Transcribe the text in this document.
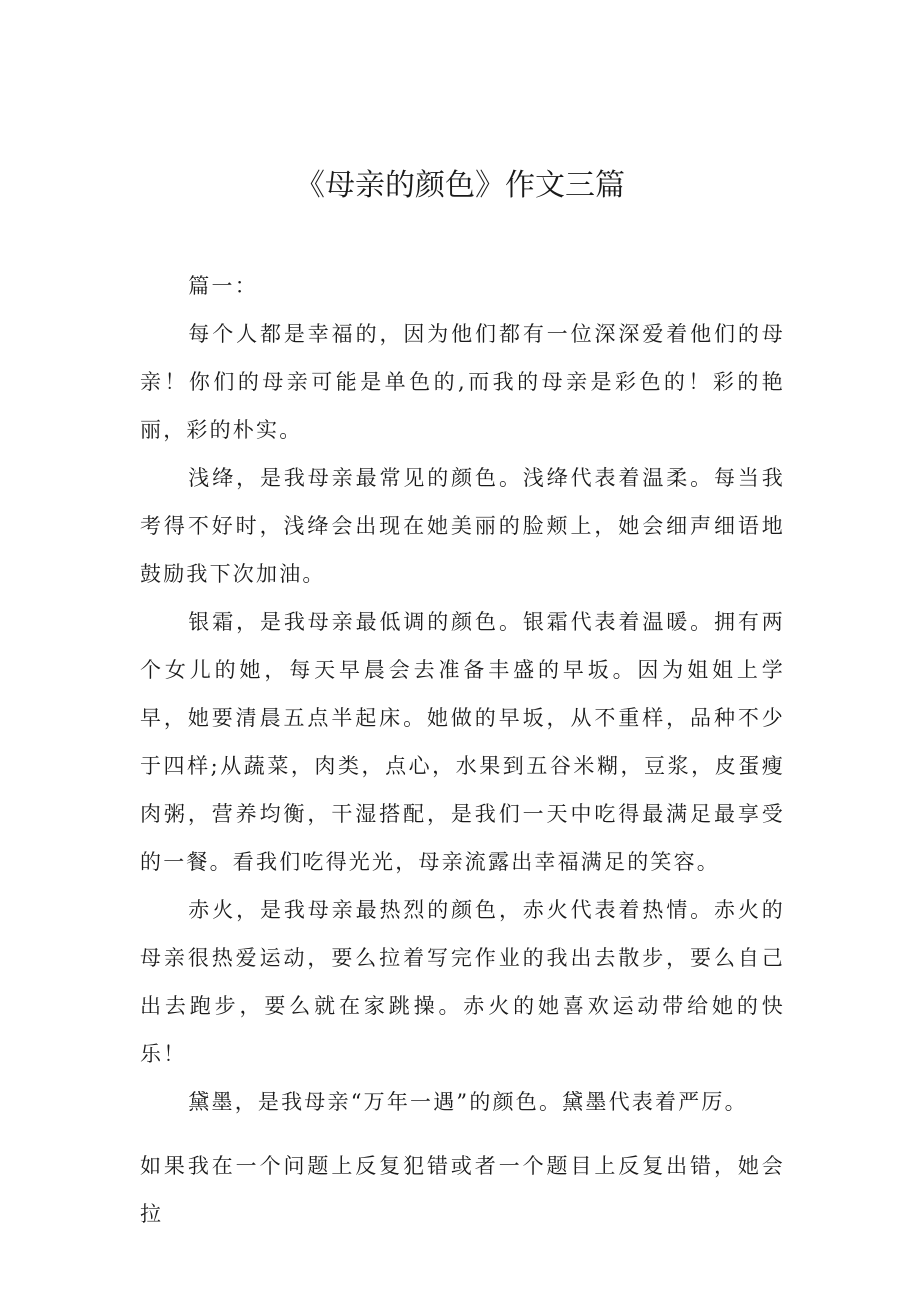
《母亲的颜色》作文三篇

篇一：

每个人都是幸福的，因为他们都有一位深深爱着他们的母亲！你们的母亲可能是单色的,而我的母亲是彩色的！彩的艳丽，彩的朴实。

浅绛，是我母亲最常见的颜色。浅绛代表着温柔。每当我考得不好时，浅绛会出现在她美丽的脸颊上，她会细声细语地鼓励我下次加油。

银霜，是我母亲最低调的颜色。银霜代表着温暖。拥有两个女儿的她，每天早晨会去准备丰盛的早坂。因为姐姐上学早，她要清晨五点半起床。她做的早坂，从不重样，品种不少于四样;从蔬菜，肉类，点心，水果到五谷米糊，豆浆，皮蛋瘦肉粥，营养均衡，干湿搭配，是我们一天中吃得最满足最享受的一餐。看我们吃得光光，母亲流露出幸福满足的笑容。

赤火，是我母亲最热烈的颜色，赤火代表着热情。赤火的母亲很热爱运动，要么拉着写完作业的我出去散步，要么自己出去跑步，要么就在家跳操。赤火的她喜欢运动带给她的快乐！

黛墨，是我母亲“万年一遇”的颜色。黛墨代表着严厉。

如果我在一个问题上反复犯错或者一个题目上反复出错，她会拉
